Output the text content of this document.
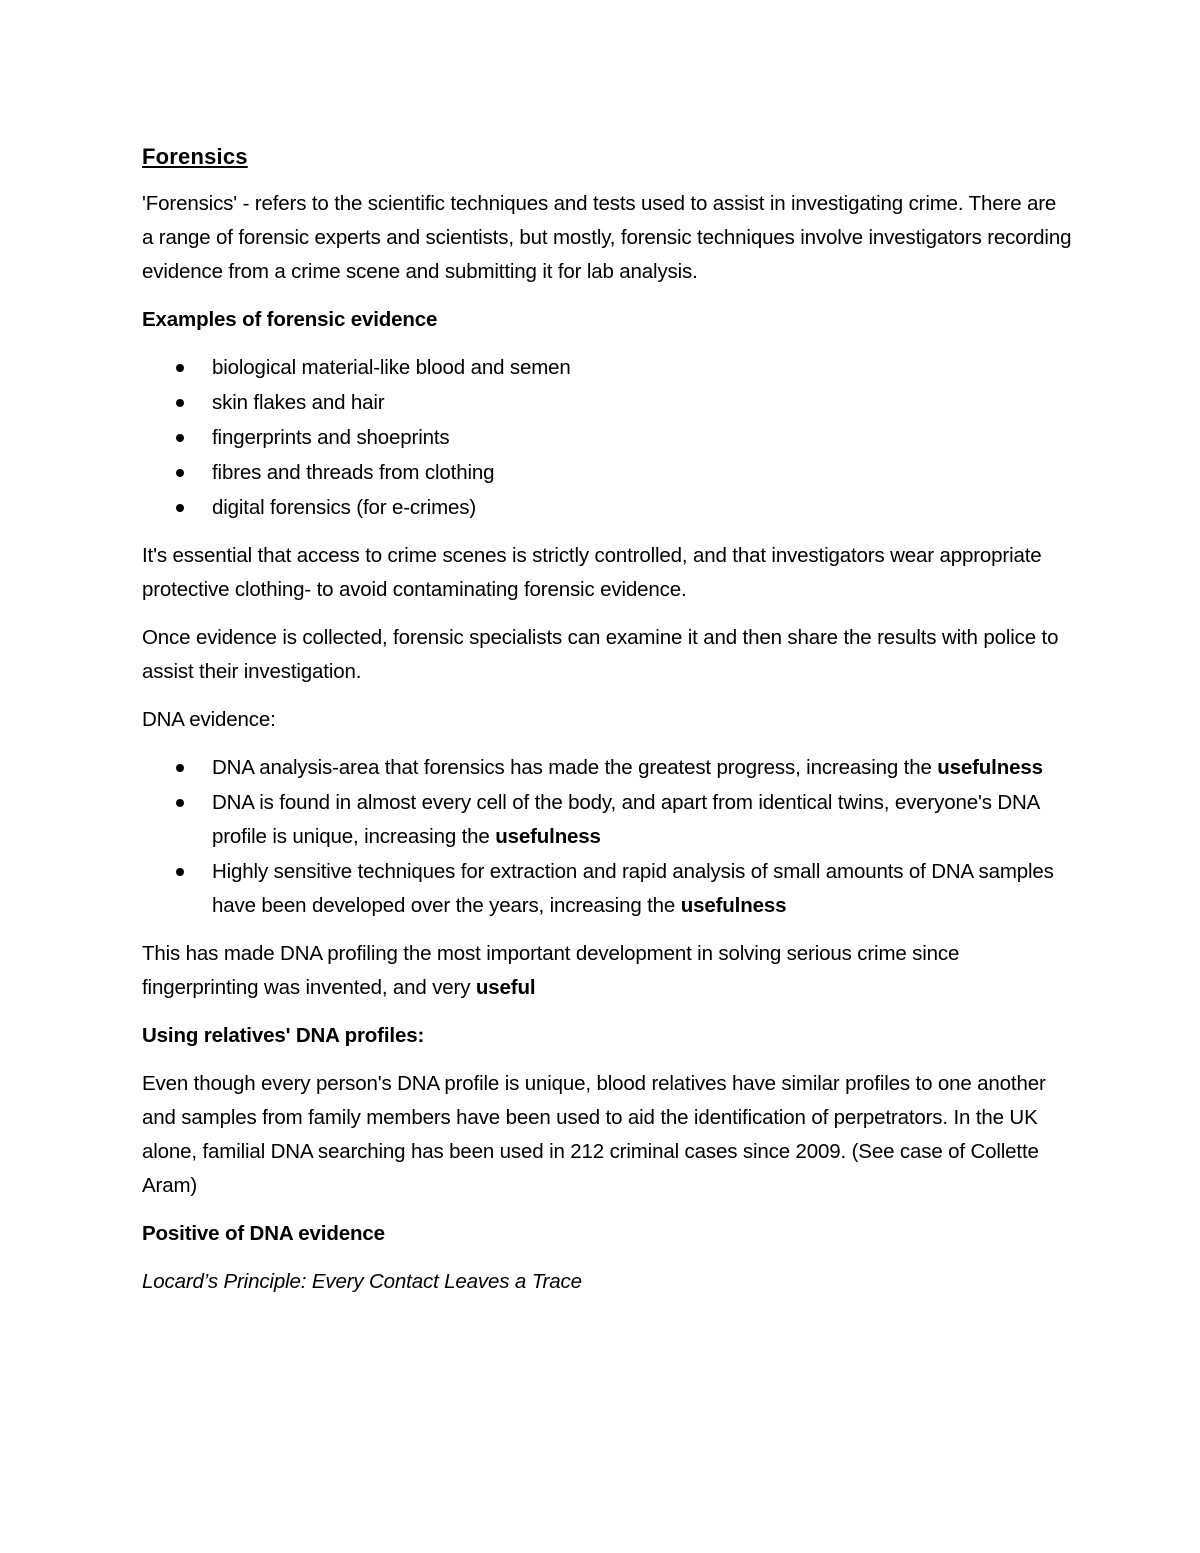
Forensics

'Forensics' - refers to the scientific techniques and tests used to assist in investigating crime. There are a range of forensic experts and scientists, but mostly, forensic techniques involve investigators recording evidence from a crime scene and submitting it for lab analysis.

Examples of forensic evidence

biological material-like blood and semen
skin flakes and hair
fingerprints and shoeprints
fibres and threads from clothing
digital forensics (for e-crimes)

It's essential that access to crime scenes is strictly controlled, and that investigators wear appropriate protective clothing- to avoid contaminating forensic evidence.

Once evidence is collected, forensic specialists can examine it and then share the results with police to assist their investigation.

DNA evidence:

DNA analysis-area that forensics has made the greatest progress, increasing the usefulness
DNA is found in almost every cell of the body, and apart from identical twins, everyone's DNA profile is unique, increasing the usefulness
Highly sensitive techniques for extraction and rapid analysis of small amounts of DNA samples have been developed over the years, increasing the usefulness

This has made DNA profiling the most important development in solving serious crime since fingerprinting was invented, and very useful

Using relatives' DNA profiles:

Even though every person's DNA profile is unique, blood relatives have similar profiles to one another and samples from family members have been used to aid the identification of perpetrators. In the UK alone, familial DNA searching has been used in 212 criminal cases since 2009. (See case of Collette Aram)

Positive of DNA evidence

Locard’s Principle: Every Contact Leaves a Trace
